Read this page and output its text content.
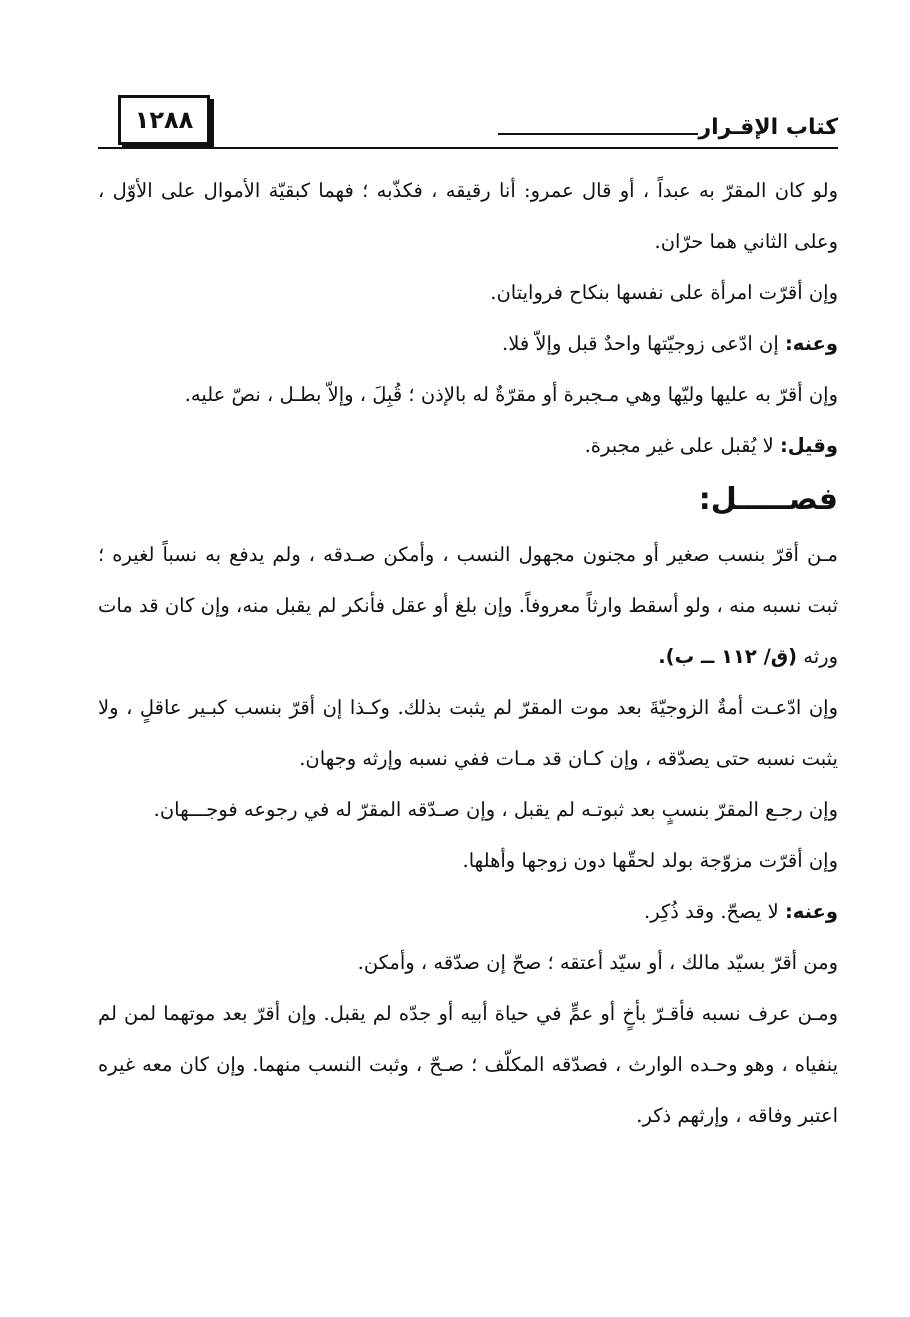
كتاب الإقـرار
١٢٨٨

ولو كان المقرّ به عبداً ، أو قال عمرو: أنا رقيقه ، فكذّبه ؛ فهما كبقيّة الأموال على الأوّل ، وعلى الثاني هما حرّان.

وإن أقرّت امرأة على نفسها بنكاح فروايتان.

وعنه: إن ادّعى زوجيّتها واحدٌ قبل وإلاّ فلا.

وإن أقرّ به عليها وليّها وهي مـجبرة أو مقرّةٌ له بالإذن ؛ قُبِلَ ، وإلاّ بطـل ، نصّ عليه.

وقيل: لا يُقبل على غير مجبرة.

فصـــــل:

مـن أقرّ بنسب صغير أو مجنون مجهول النسب ، وأمكن صـدقه ، ولم يدفع به نسباً لغيره ؛ ثبت نسبه منه ، ولو أسقط وارثاً معروفاً. وإن بلغ أو عقل فأنكر لم يقبل منه، وإن كان قد مات ورثه (ق/ ١١٢ ــ ب).

وإن ادّعـت أمةٌ الزوجيّةَ بعد موت المقرّ لم يثبت بذلك. وكـذا إن أقرّ بنسب كبـير عاقلٍ ، ولا يثبت نسبه حتى يصدّقه ، وإن كـان قد مـات ففي نسبه وإرثه وجهان.

وإن رجـع المقرّ بنسبٍ بعد ثبوتـه لم يقبل ، وإن صـدّقه المقرّ له في رجوعه فوجـــهان.

وإن أقرّت مزوّجة بولد لحقّها دون زوجها وأهلها.

وعنه: لا يصحّ. وقد ذُكِر.

ومن أقرّ بسيّد مالك ، أو سيّد أعتقه ؛ صحّ إن صدّقه ، وأمكن.

ومـن عرف نسبه فأقـرّ بأخٍ أو عمٍّ في حياة أبيه أو جدّه لم يقبل. وإن أقرّ بعد موتهما لمن لم ينفياه ، وهو وحـده الوارث ، فصدّقه المكلّف ؛ صـحّ ، وثبت النسب منهما. وإن كان معه غيره اعتبر وفاقه ، وإرثهم ذكر.
